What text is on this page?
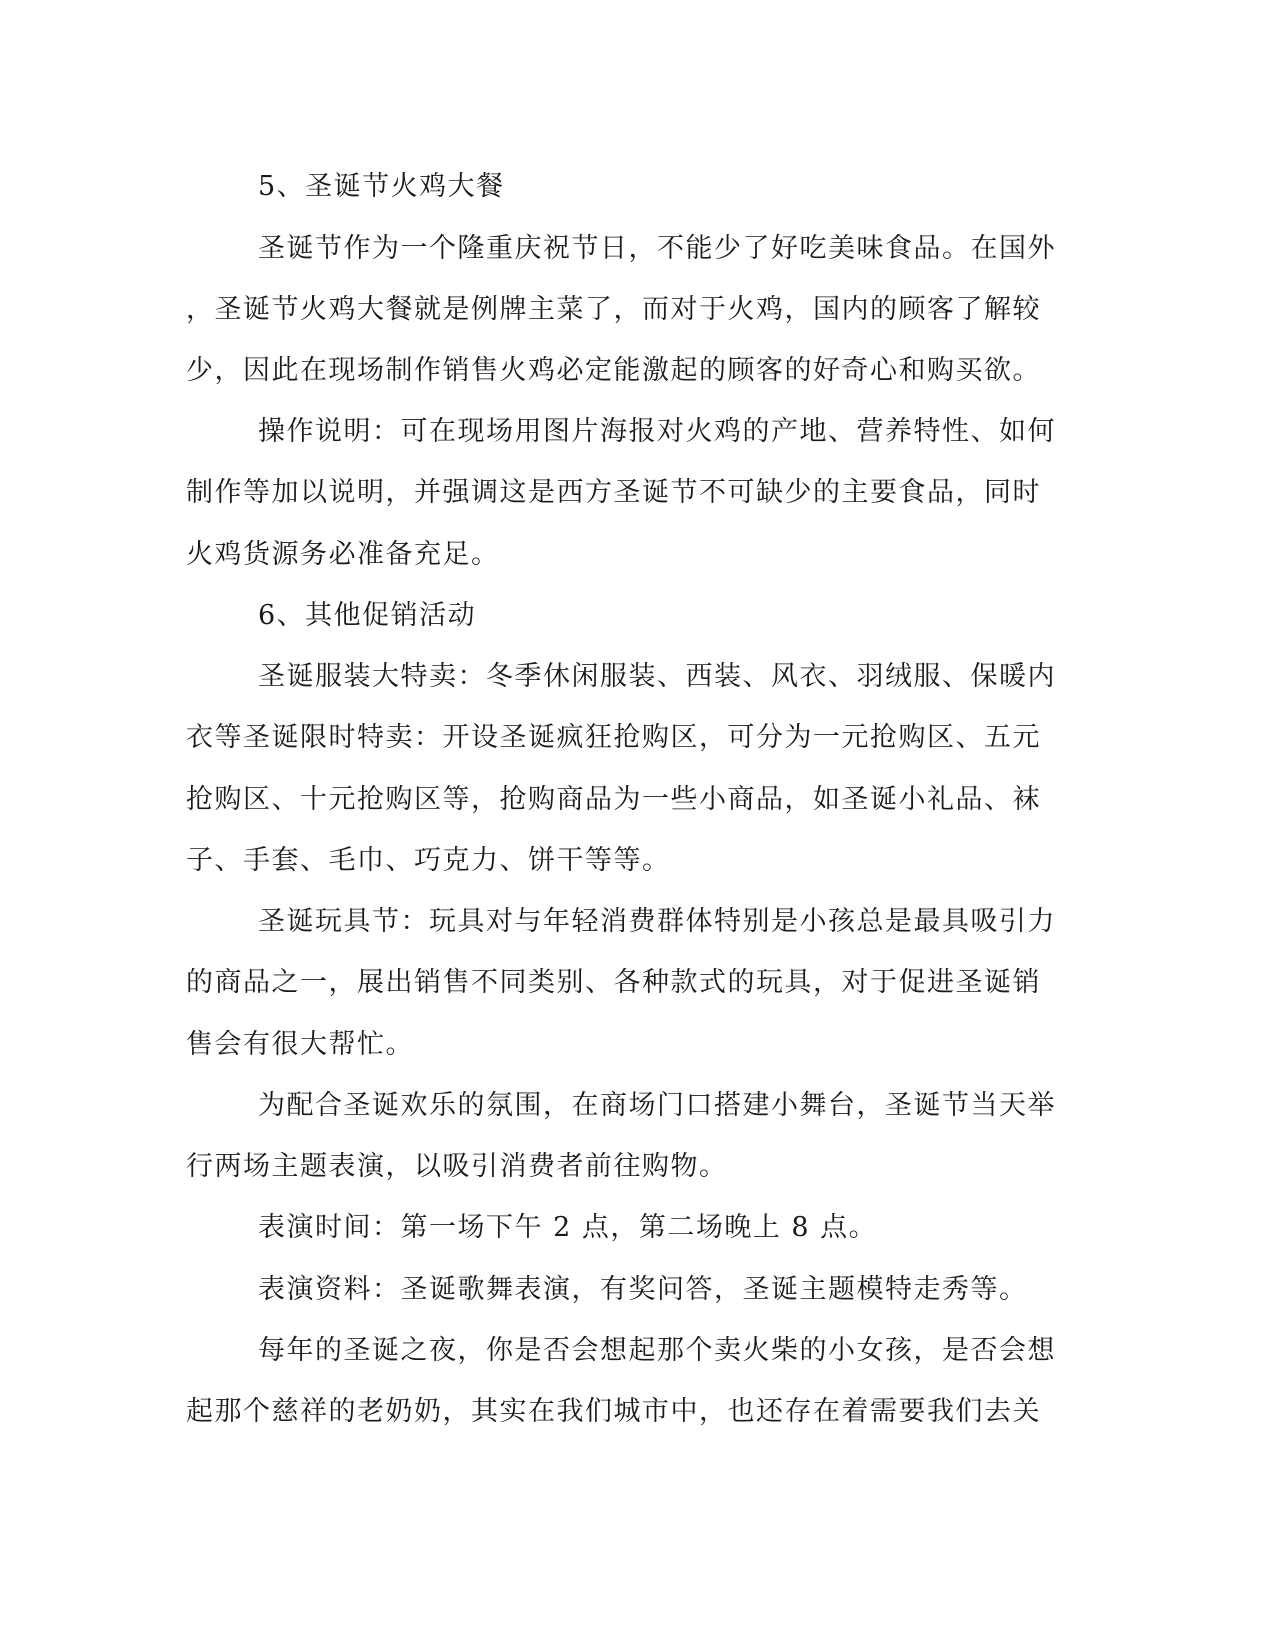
5、圣诞节火鸡大餐
圣诞节作为一个隆重庆祝节日，不能少了好吃美味食品。在国外
，圣诞节火鸡大餐就是例牌主菜了，而对于火鸡，国内的顾客了解较
少，因此在现场制作销售火鸡必定能激起的顾客的好奇心和购买欲。
操作说明：可在现场用图片海报对火鸡的产地、营养特性、如何
制作等加以说明，并强调这是西方圣诞节不可缺少的主要食品，同时
火鸡货源务必准备充足。
6、其他促销活动
圣诞服装大特卖：冬季休闲服装、西装、风衣、羽绒服、保暖内
衣等圣诞限时特卖：开设圣诞疯狂抢购区，可分为一元抢购区、五元
抢购区、十元抢购区等，抢购商品为一些小商品，如圣诞小礼品、袜
子、手套、毛巾、巧克力、饼干等等。
圣诞玩具节：玩具对与年轻消费群体特别是小孩总是最具吸引力
的商品之一，展出销售不同类别、各种款式的玩具，对于促进圣诞销
售会有很大帮忙。
为配合圣诞欢乐的氛围，在商场门口搭建小舞台，圣诞节当天举
行两场主题表演，以吸引消费者前往购物。
表演时间：第一场下午 2 点，第二场晚上 8 点。
表演资料：圣诞歌舞表演，有奖问答，圣诞主题模特走秀等。
每年的圣诞之夜，你是否会想起那个卖火柴的小女孩，是否会想
起那个慈祥的老奶奶，其实在我们城市中，也还存在着需要我们去关
